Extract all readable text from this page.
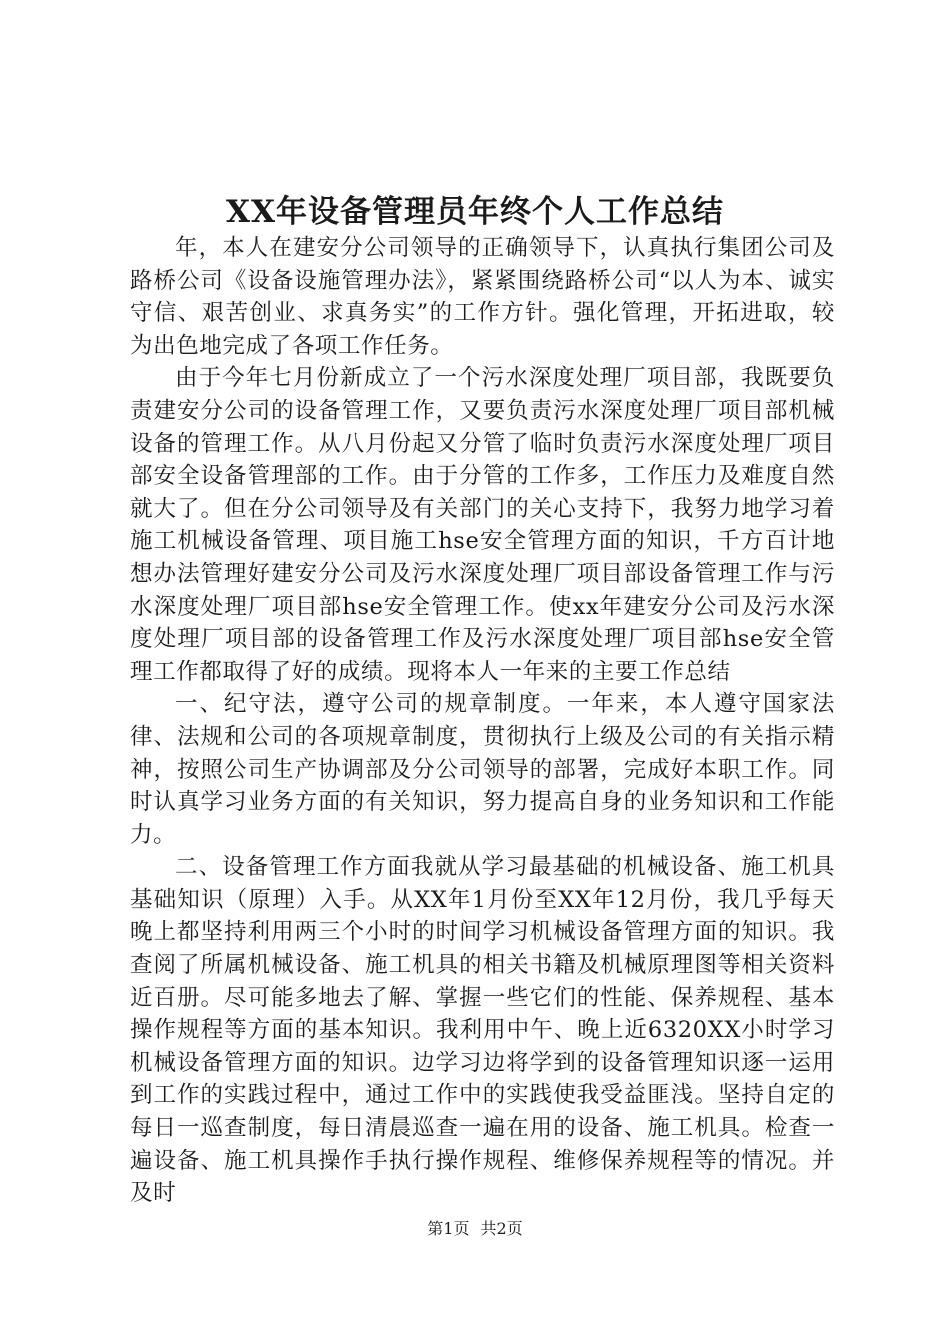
XX年设备管理员年终个人工作总结

年，本人在建安分公司领导的正确领导下，认真执行集团公司及路桥公司《设备设施管理办法》，紧紧围绕路桥公司“以人为本、诚实守信、艰苦创业、求真务实”的工作方针。强化管理，开拓进取，较为出色地完成了各项工作任务。

由于今年七月份新成立了一个污水深度处理厂项目部，我既要负责建安分公司的设备管理工作，又要负责污水深度处理厂项目部机械设备的管理工作。从八月份起又分管了临时负责污水深度处理厂项目部安全设备管理部的工作。由于分管的工作多，工作压力及难度自然就大了。但在分公司领导及有关部门的关心支持下，我努力地学习着施工机械设备管理、项目施工hse安全管理方面的知识，千方百计地想办法管理好建安分公司及污水深度处理厂项目部设备管理工作与污水深度处理厂项目部hse安全管理工作。使xx年建安分公司及污水深度处理厂项目部的设备管理工作及污水深度处理厂项目部hse安全管理工作都取得了好的成绩。现将本人一年来的主要工作总结

一、纪守法，遵守公司的规章制度。一年来，本人遵守国家法律、法规和公司的各项规章制度，贯彻执行上级及公司的有关指示精神，按照公司生产协调部及分公司领导的部署，完成好本职工作。同时认真学习业务方面的有关知识，努力提高自身的业务知识和工作能力。

二、设备管理工作方面我就从学习最基础的机械设备、施工机具基础知识（原理）入手。从XX年1月份至XX年12月份，我几乎每天晚上都坚持利用两三个小时的时间学习机械设备管理方面的知识。我查阅了所属机械设备、施工机具的相关书籍及机械原理图等相关资料近百册。尽可能多地去了解、掌握一些它们的性能、保养规程、基本操作规程等方面的基本知识。我利用中午、晚上近6320XX小时学习机械设备管理方面的知识。边学习边将学到的设备管理知识逐一运用到工作的实践过程中，通过工作中的实践使我受益匪浅。坚持自定的每日一巡查制度，每日清晨巡查一遍在用的设备、施工机具。检查一遍设备、施工机具操作手执行操作规程、维修保养规程等的情况。并及时

第1页 共2页
